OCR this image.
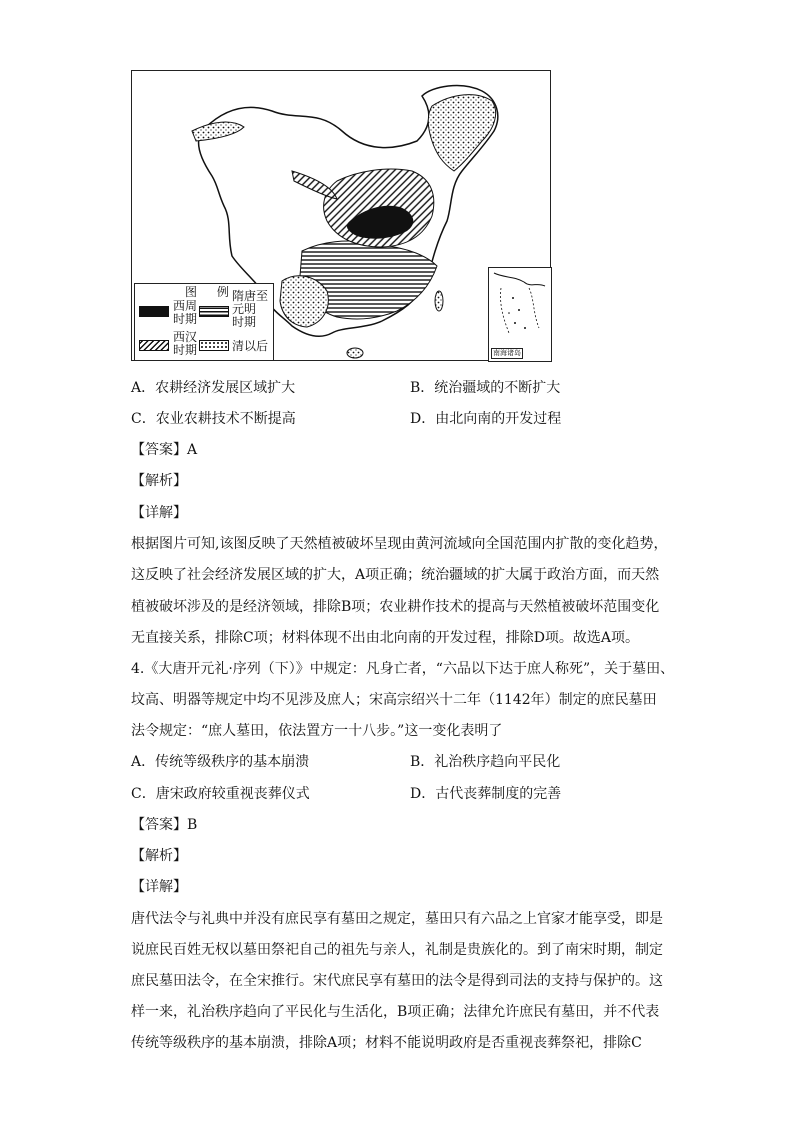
图 例
西周
时期
隋唐至
元明
时期
西汉
时期	清以后	南海诸岛
A．农耕经济发展区域扩大	B．统治疆域的不断扩大
C．农业农耕技术不断提高	D．由北向南的开发过程
【答案】A
【解析】
【详解】
根据图片可知,该图反映了天然植被破坏呈现由黄河流域向全国范围内扩散的变化趋势，
这反映了社会经济发展区域的扩大，A项正确；统治疆域的扩大属于政治方面，而天然
植被破坏涉及的是经济领域，排除B项；农业耕作技术的提高与天然植被破坏范围变化
无直接关系，排除C项；材料体现不出由北向南的开发过程，排除D项。故选A项。
4.《大唐开元礼·序列（下）》中规定：凡身亡者，“六品以下达于庶人称死”，关于墓田、
坟高、明器等规定中均不见涉及庶人；宋高宗绍兴十二年（1142年）制定的庶民墓田
法令规定：“庶人墓田，依法置方一十八步。”这一变化表明了
A．传统等级秩序的基本崩溃	B．礼治秩序趋向平民化
C．唐宋政府较重视丧葬仪式	D．古代丧葬制度的完善
【答案】B
【解析】
【详解】
唐代法令与礼典中并没有庶民享有墓田之规定，墓田只有六品之上官家才能享受，即是
说庶民百姓无权以墓田祭祀自己的祖先与亲人，礼制是贵族化的。到了南宋时期，制定
庶民墓田法令，在全宋推行。宋代庶民享有墓田的法令是得到司法的支持与保护的。这
样一来，礼治秩序趋向了平民化与生活化，B项正确；法律允许庶民有墓田，并不代表
传统等级秩序的基本崩溃，排除A项；材料不能说明政府是否重视丧葬祭祀，排除C
